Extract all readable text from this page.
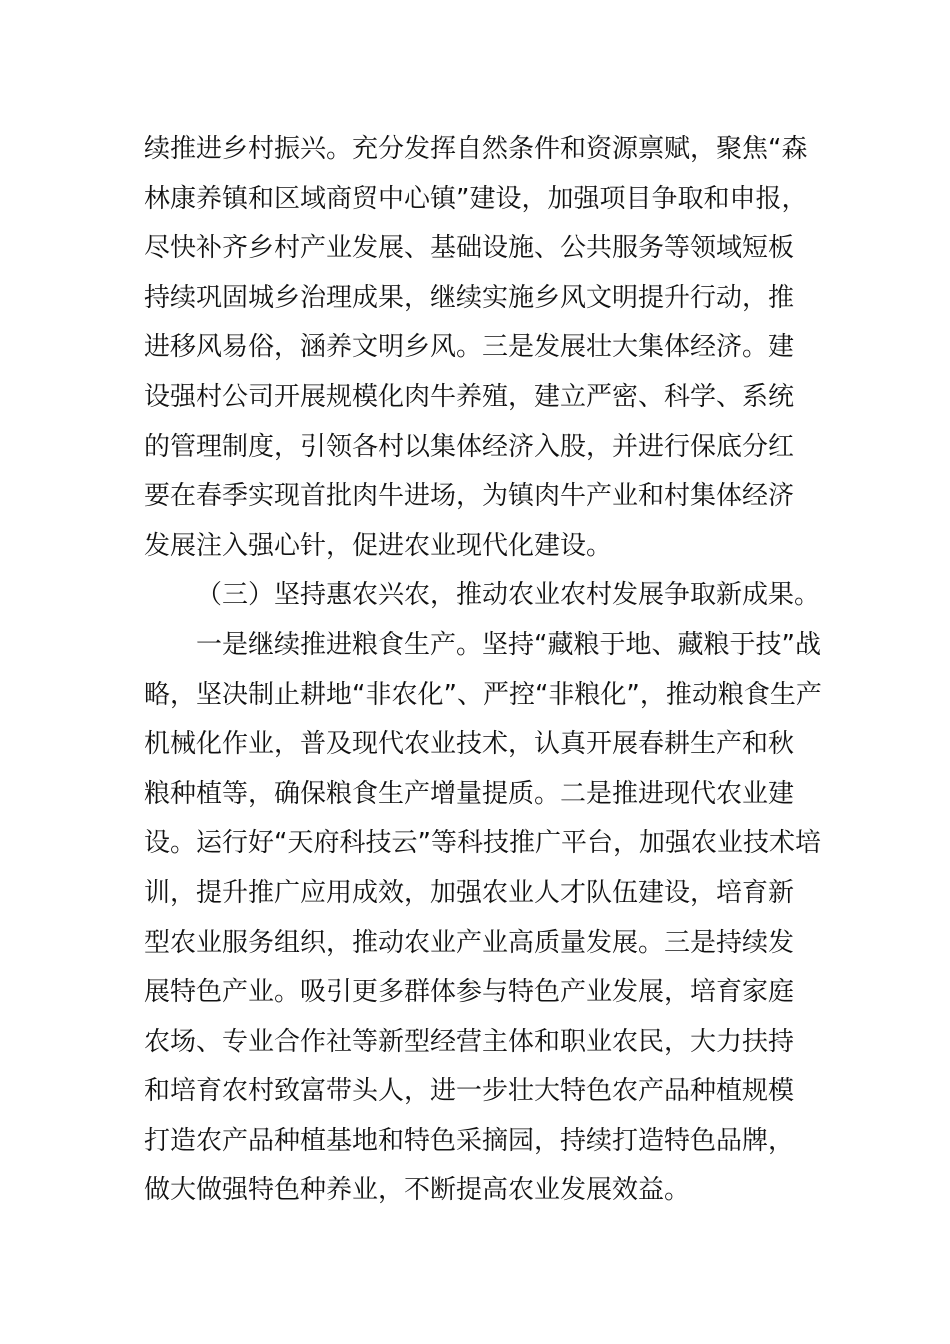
续推进乡村振兴。充分发挥自然条件和资源禀赋，聚焦“森
林康养镇和区域商贸中心镇”建设，加强项目争取和申报，
尽快补齐乡村产业发展、基础设施、公共服务等领域短板
持续巩固城乡治理成果，继续实施乡风文明提升行动，推
进移风易俗，涵养文明乡风。三是发展壮大集体经济。建
设强村公司开展规模化肉牛养殖，建立严密、科学、系统
的管理制度，引领各村以集体经济入股，并进行保底分红
要在春季实现首批肉牛进场，为镇肉牛产业和村集体经济
发展注入强心针，促进农业现代化建设。
（三）坚持惠农兴农，推动农业农村发展争取新成果。
一是继续推进粮食生产。坚持“藏粮于地、藏粮于技”战
略，坚决制止耕地“非农化”、严控“非粮化”，推动粮食生产
机械化作业，普及现代农业技术，认真开展春耕生产和秋
粮种植等，确保粮食生产增量提质。二是推进现代农业建
设。运行好“天府科技云”等科技推广平台，加强农业技术培
训，提升推广应用成效，加强农业人才队伍建设，培育新
型农业服务组织，推动农业产业高质量发展。三是持续发
展特色产业。吸引更多群体参与特色产业发展，培育家庭
农场、专业合作社等新型经营主体和职业农民，大力扶持
和培育农村致富带头人，进一步壮大特色农产品种植规模
打造农产品种植基地和特色采摘园，持续打造特色品牌，
做大做强特色种养业，不断提高农业发展效益。
